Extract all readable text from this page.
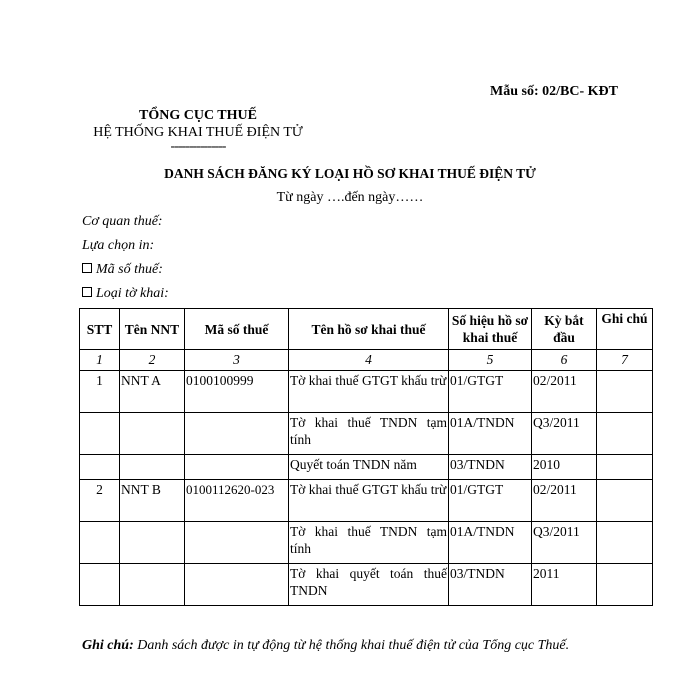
Mẫu số: 02/BC- KĐT
TỔNG CỤC THUẾ
HỆ THỐNG KHAI THUẾ ĐIỆN TỬ
---------------
DANH SÁCH ĐĂNG KÝ LOẠI HỒ SƠ KHAI THUẾ ĐIỆN TỬ
Từ ngày ….đến ngày……
Cơ quan thuế:
Lựa chọn in:
Mã số thuế:
Loại tờ khai:
STT	Tên NNT	Mã số thuế	Tên hồ sơ khai thuế	Số hiệu hồ sơ khai thuế	Kỳ bắt đầu	Ghi chú
1	2	3	4	5	6	7
1	NNT A	0100100999	Tờ khai thuế GTGT khấu trừ	01/GTGT	02/2011	
			Tờ khai thuế TNDN tạm tính	01A/TNDN	Q3/2011	
			Quyết toán TNDN năm	03/TNDN	2010	
2	NNT B	0100112620-023	Tờ khai thuế GTGT khấu trừ	01/GTGT	02/2011	
			Tờ khai thuế TNDN tạm tính	01A/TNDN	Q3/2011	
			Tờ khai quyết toán thuế TNDN	03/TNDN	2011	
Ghi chú: Danh sách được in tự động từ hệ thống khai thuế điện tử của Tổng cục Thuế.
